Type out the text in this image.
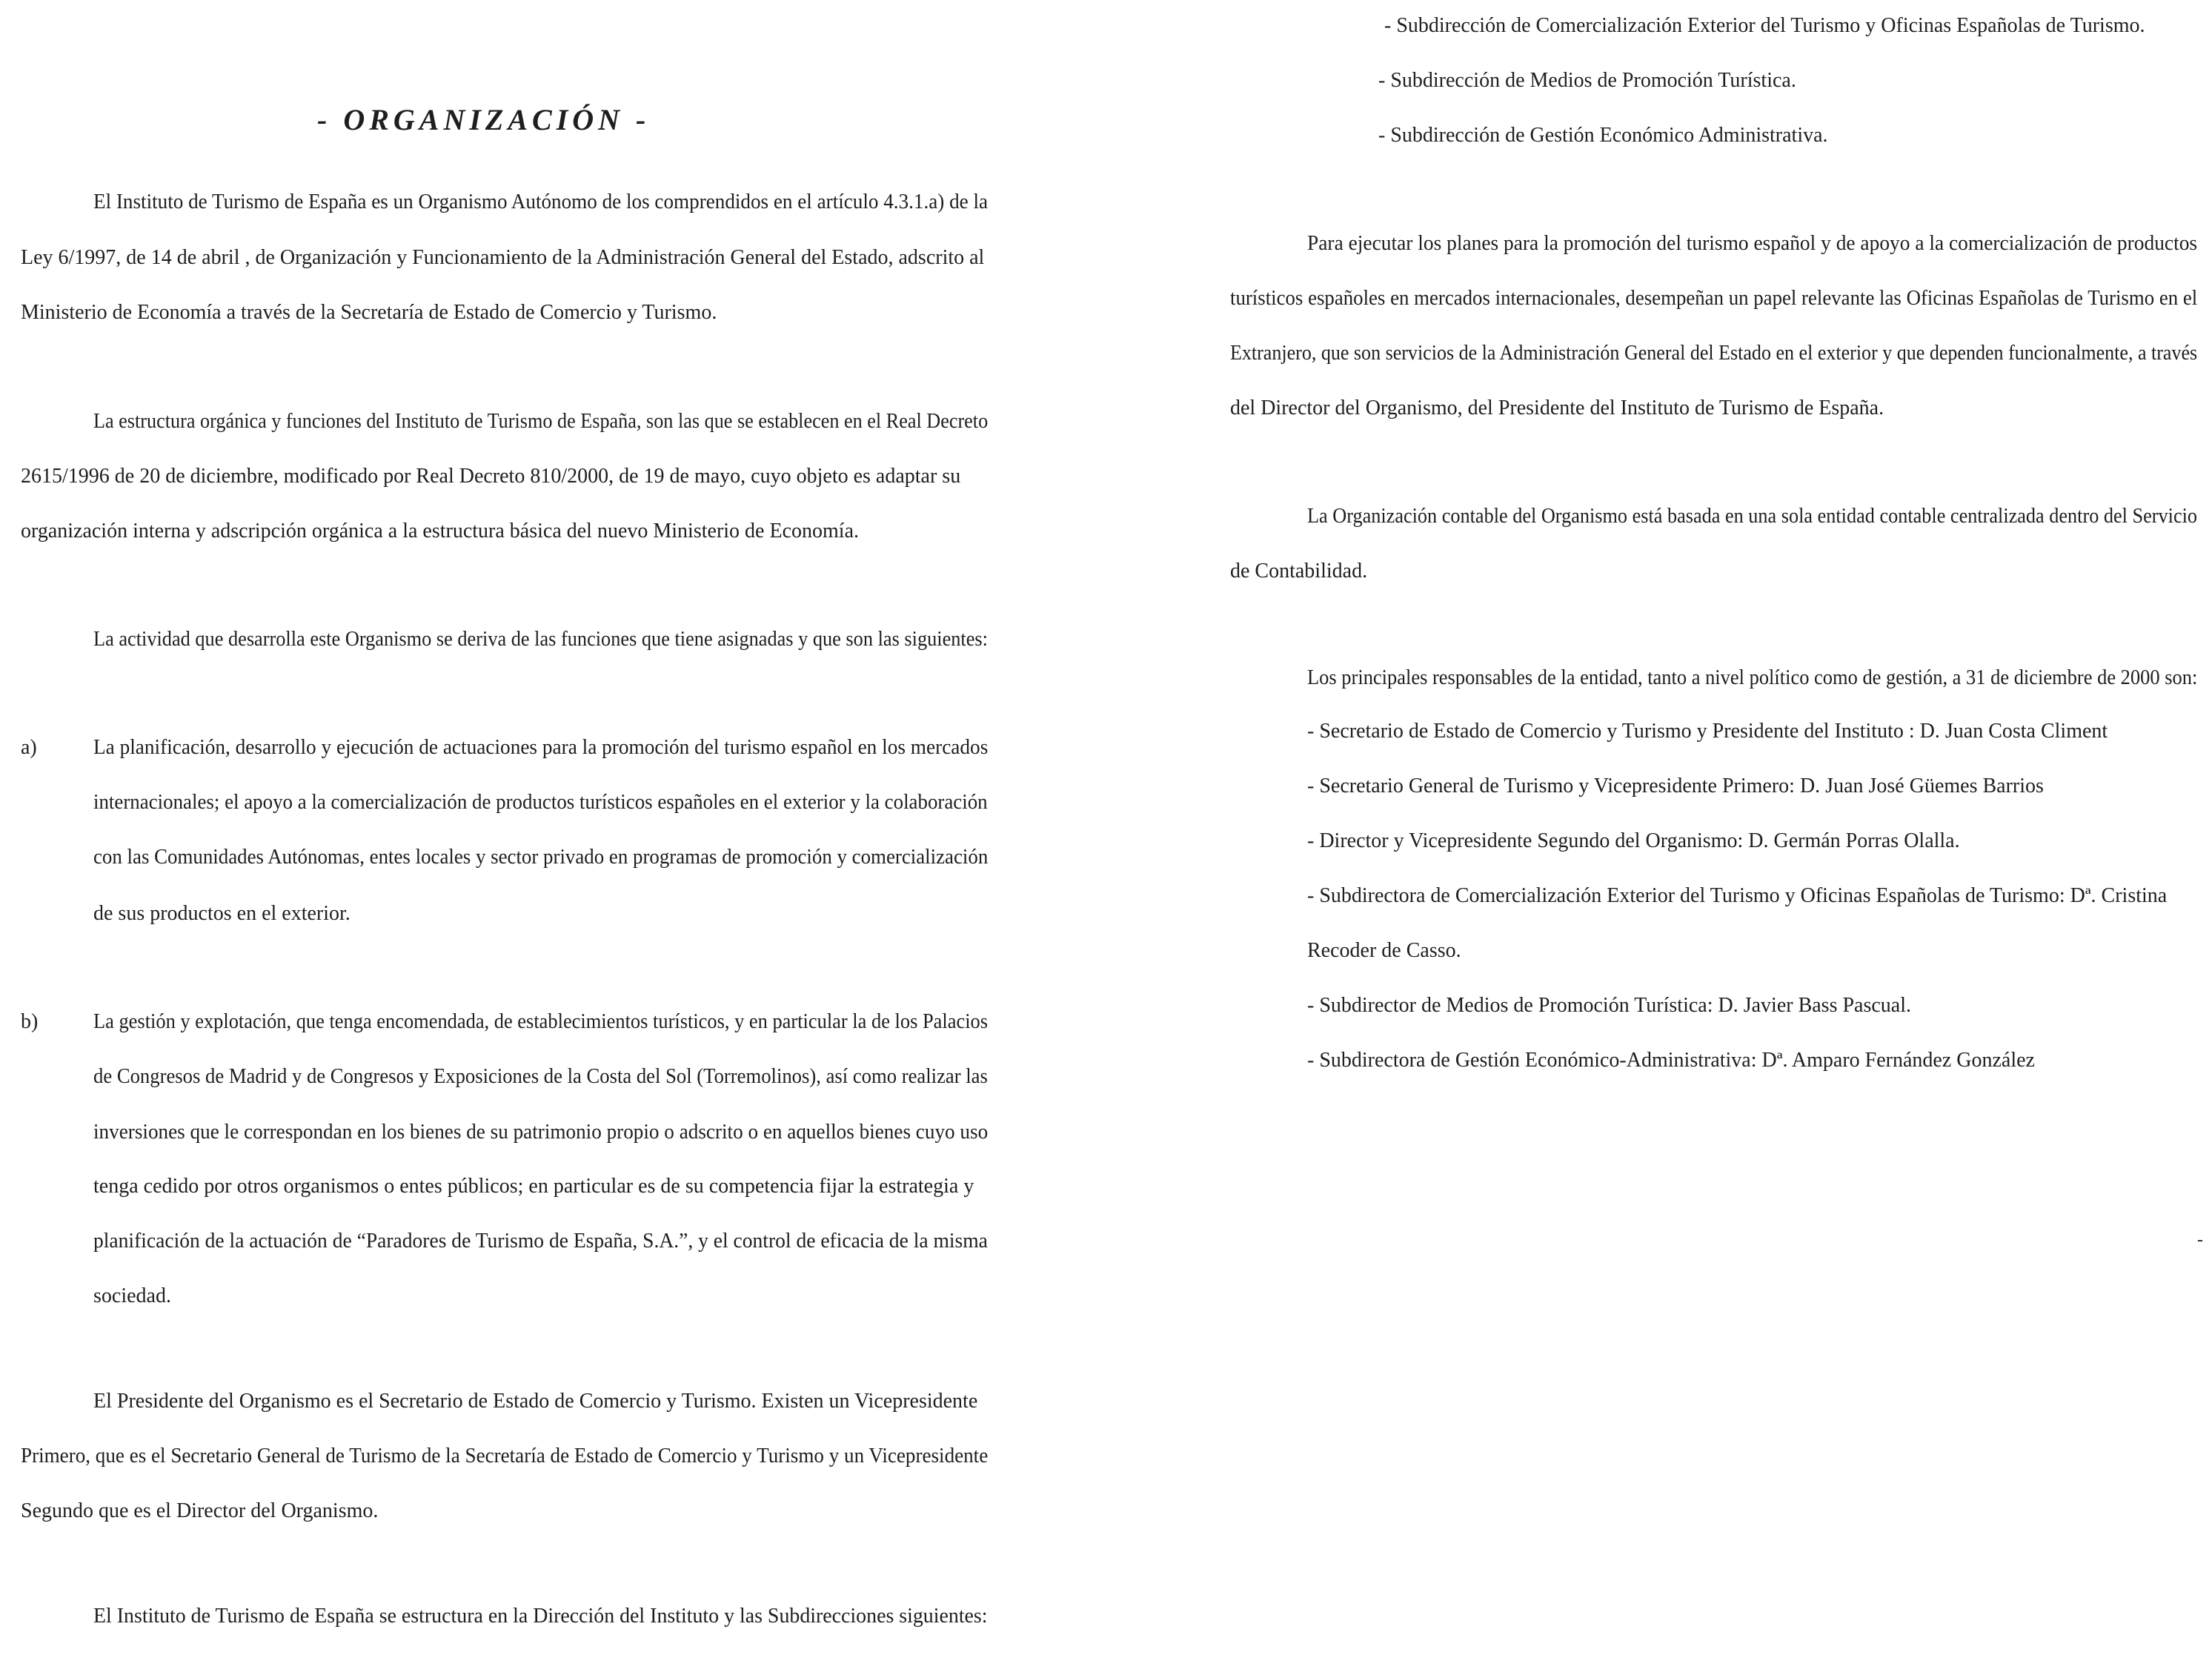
- ORGANIZACIÓN -
El Instituto de Turismo de España es un Organismo Autónomo de los comprendidos en el artículo 4.3.1.a) de la
Ley 6/1997, de 14 de abril , de Organización y Funcionamiento de la Administración General del Estado, adscrito al
Ministerio de Economía a través de la Secretaría de Estado de Comercio y Turismo.
La estructura orgánica y funciones del Instituto de Turismo de España, son las que se establecen en el Real Decreto
2615/1996 de 20 de diciembre, modificado por Real Decreto 810/2000, de 19 de mayo, cuyo objeto es adaptar su
organización interna y adscripción orgánica a la estructura básica del nuevo Ministerio de Economía.
La actividad que desarrolla este Organismo se deriva de las funciones que tiene asignadas y que son las siguientes:
a)	La planificación, desarrollo y ejecución de actuaciones para la promoción del turismo español en los mercados
internacionales; el apoyo a la comercialización de productos turísticos españoles en el exterior y la colaboración
con las Comunidades Autónomas, entes locales y sector privado en programas de promoción y comercialización
de sus productos en el exterior.
b)	La gestión y explotación, que tenga encomendada, de establecimientos turísticos, y en particular la de los Palacios
de Congresos de Madrid y de Congresos y Exposiciones de la Costa del Sol (Torremolinos), así como realizar las
inversiones que le correspondan en los bienes de su patrimonio propio o adscrito o en aquellos bienes cuyo uso
tenga cedido por otros organismos o entes públicos; en particular es de su competencia fijar la estrategia y
planificación de la actuación de “Paradores de Turismo de España, S.A.”, y el control de eficacia de la misma
sociedad.
El Presidente del Organismo es el Secretario de Estado de Comercio y Turismo. Existen un Vicepresidente
Primero, que es el Secretario General de Turismo de la Secretaría de Estado de Comercio y Turismo y un Vicepresidente
Segundo que es el Director del Organismo.
El Instituto de Turismo de España se estructura en la Dirección del Instituto y las Subdirecciones siguientes:
- Subdirección de Comercialización Exterior del Turismo y Oficinas Españolas de Turismo.
- Subdirección de Medios de Promoción Turística.
- Subdirección de Gestión Económico Administrativa.
Para ejecutar los planes para la promoción del turismo español y de apoyo a la comercialización de productos
turísticos españoles en mercados internacionales, desempeñan un papel relevante las Oficinas Españolas de Turismo en el
Extranjero, que son servicios de la Administración General del Estado en el exterior y que dependen funcionalmente, a través
del Director del Organismo, del Presidente del Instituto de Turismo de España.
La Organización contable del Organismo está basada en una sola entidad contable centralizada dentro del Servicio
de Contabilidad.
Los principales responsables de la entidad, tanto a nivel político como de gestión, a 31 de diciembre de 2000 son:
- Secretario de Estado de Comercio y Turismo y Presidente del Instituto : D. Juan Costa Climent
- Secretario General de Turismo y Vicepresidente Primero: D. Juan José Güemes Barrios
- Director y Vicepresidente Segundo del Organismo: D. Germán Porras Olalla.
- Subdirectora de Comercialización Exterior del Turismo y Oficinas Españolas de Turismo: Dª. Cristina
Recoder de Casso.
- Subdirector de Medios de Promoción Turística: D. Javier Bass Pascual.
- Subdirectora de Gestión Económico-Administrativa: Dª. Amparo Fernández González
-
